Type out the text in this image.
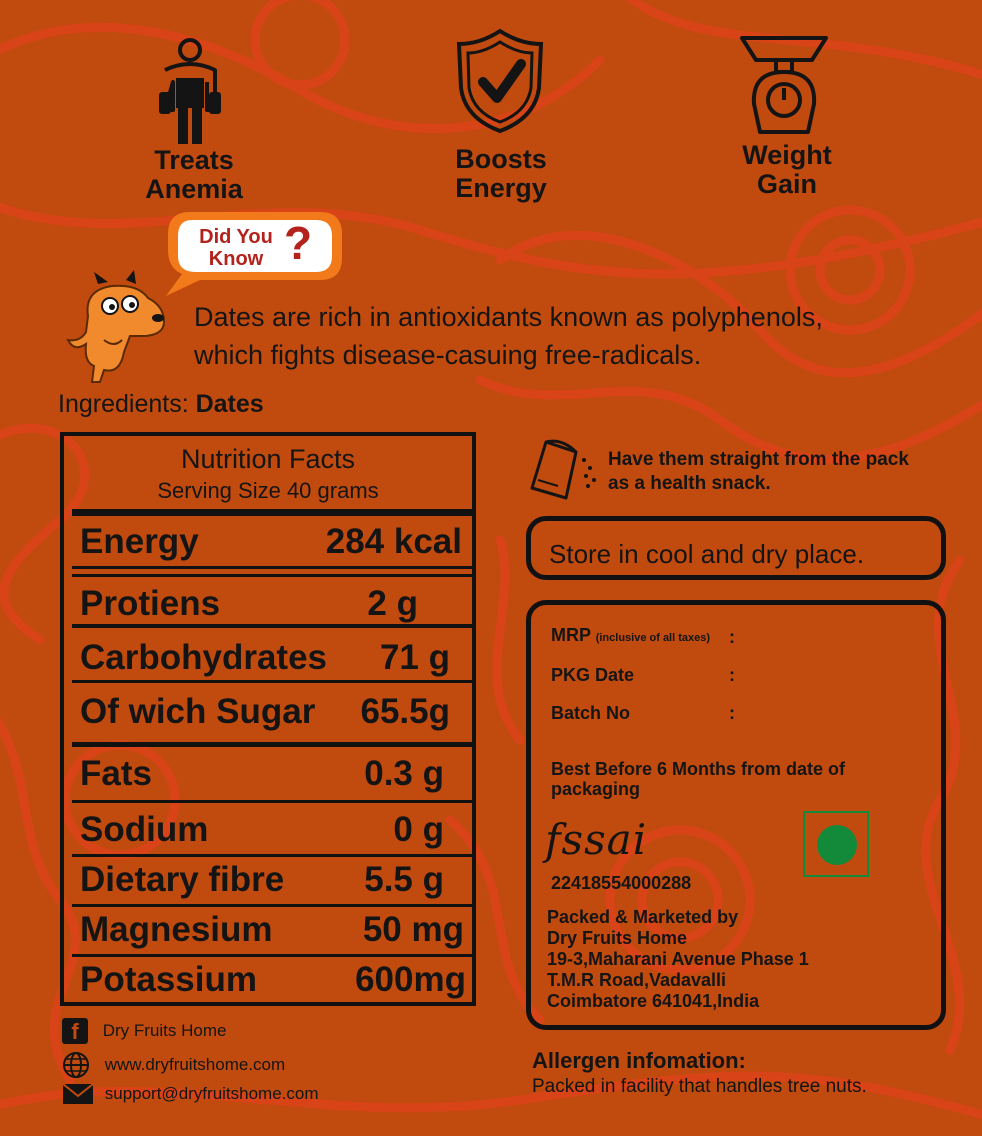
Treats
Anemia
Boosts
Energy
Weight
Gain
Did You
Know ?
Dates are rich in antioxidants known as polyphenols,
which fights disease-casuing free-radicals.
Ingredients: Dates
Nutrition Facts
Serving Size 40 grams
Energy	284 kcal
Protiens	2 g
Carbohydrates 71 g
Of wich Sugar 65.5g
Fats	0.3 g
Sodium	0 g
Dietary fibre 5.5 g
Magnesium	50 mg
Potassium	600mg
Have them straight from the pack
as a health snack.
Store in cool and dry place.
MRP (inclusive of all taxes) :
PKG Date	:
Batch No	:
Best Before 6 Months from date of
packaging
fssai
22418554000288
Packed & Marketed by
Dry Fruits Home
19-3,Maharani Avenue Phase 1
T.M.R Road,Vadavalli
Coimbatore 641041,India
f Dry Fruits Home
www.dryfruitshome.com
support@dryfruitshome.com
Allergen infomation:
Packed in facility that handles tree nuts.
